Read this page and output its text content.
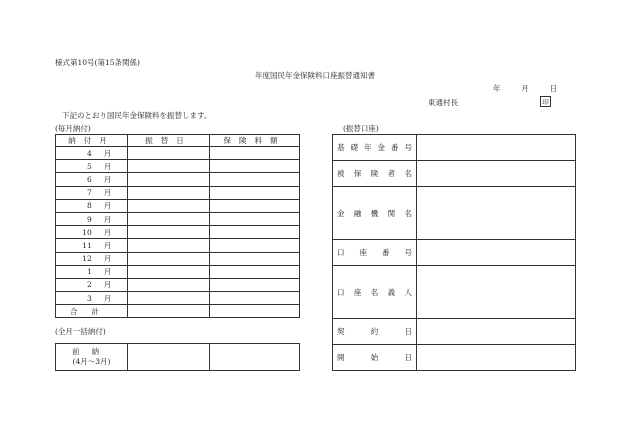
様式第10号(第15条関係)
年度国民年金保険料口座振替通知書
年	月	日
東通村長	印
下記のとおり国民年金保険料を振替します。
(毎月納付)	(振替口座)
納付月	振替日	保険料額
4 月		
5 月		
6 月		
7 月		
8 月		
9 月		
10 月		
11 月		
12 月		
1 月		
2 月		
3 月		
合計		
(全月一括納付)
前納
(4月～3月)		
基礎年金番号	
被保険者名	
金融機関名	
口座番号	
口座名義人	
契約日	
開始日	
